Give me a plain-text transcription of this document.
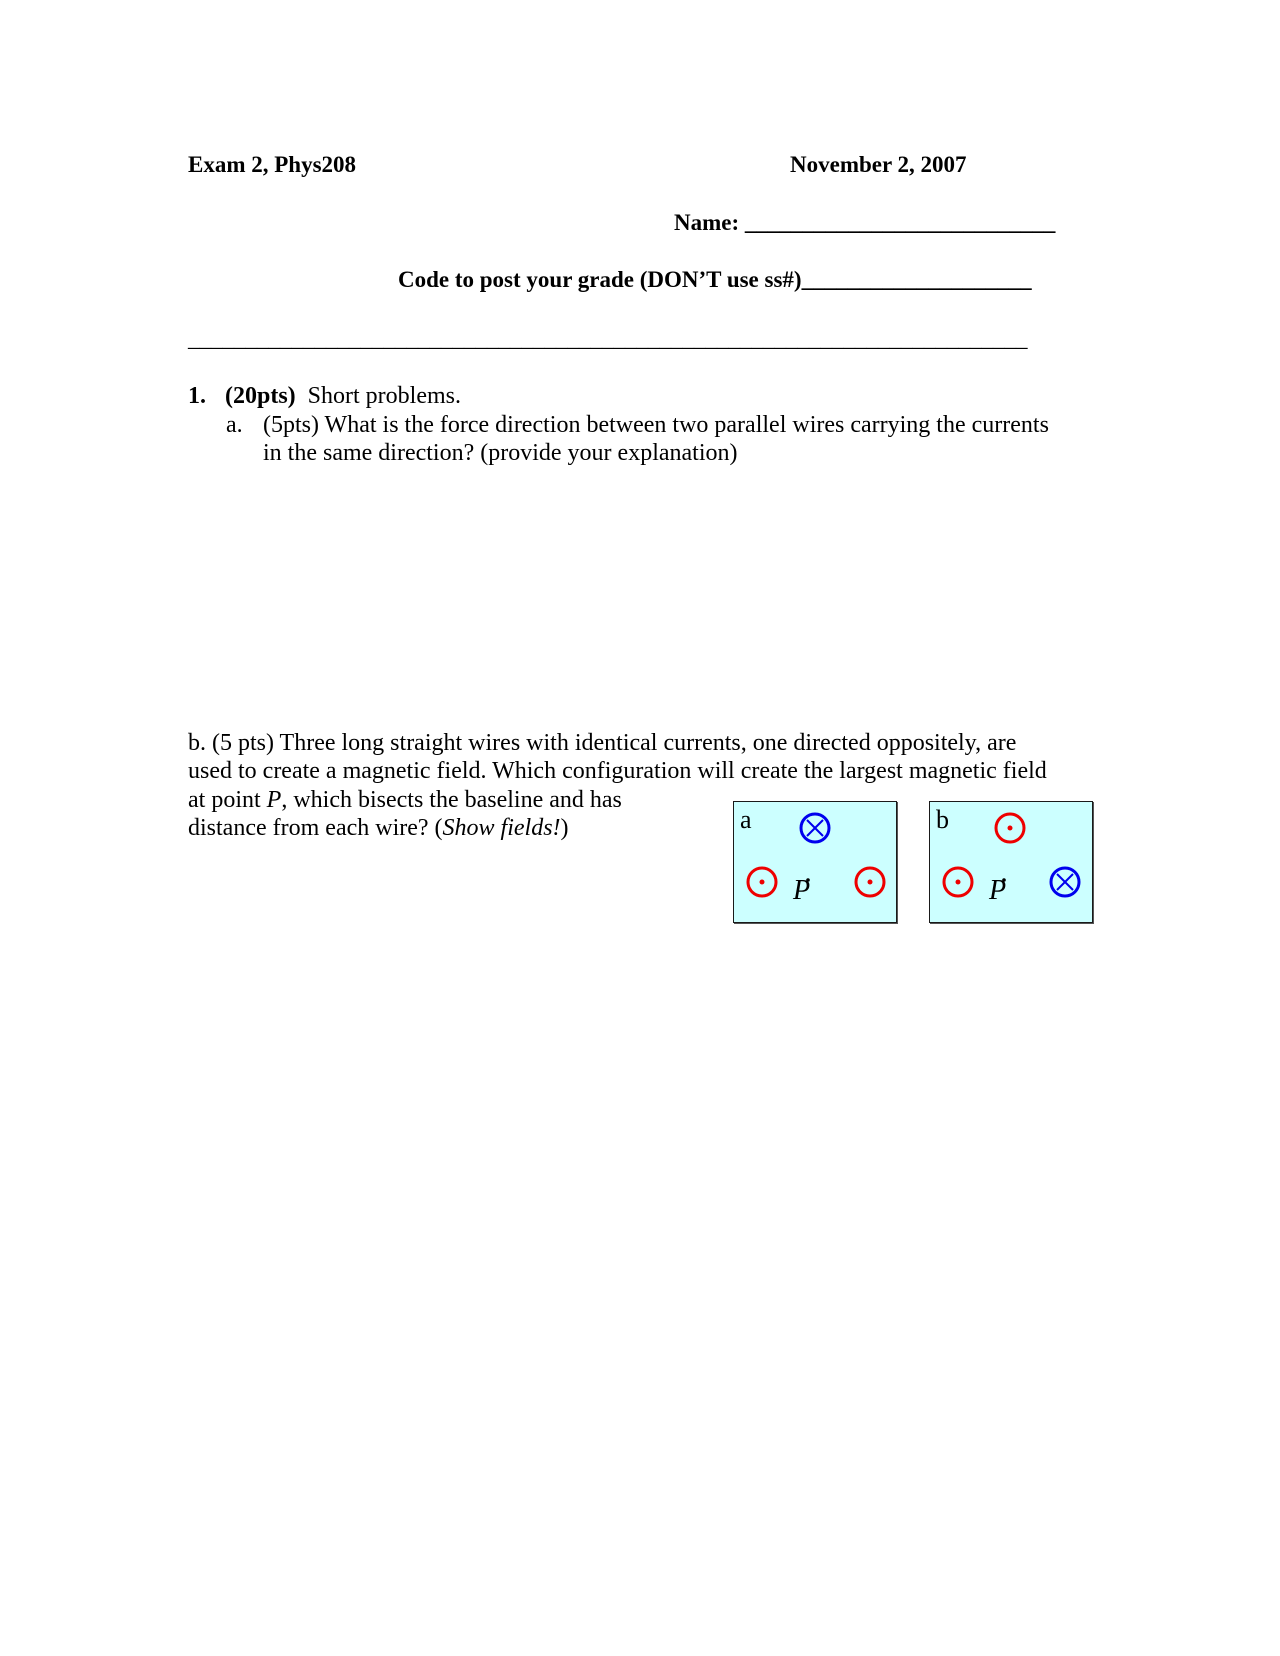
Exam 2, Phys208	November 2, 2007
Name: ___________________________
Code to post your grade (DON’T use ss#)____________________
_________________________________________________________________________
1. (20pts) Short problems.
a. (5pts) What is the force direction between two parallel wires carrying the currents
in the same direction? (provide your explanation)
b. (5 pts) Three long straight wires with identical currents, one directed oppositely, are
used to create a magnetic field. Which configuration will create the largest magnetic field
at point P, which bisects the baseline and has
distance from each wire? (Show fields!)	a
P
b
P
